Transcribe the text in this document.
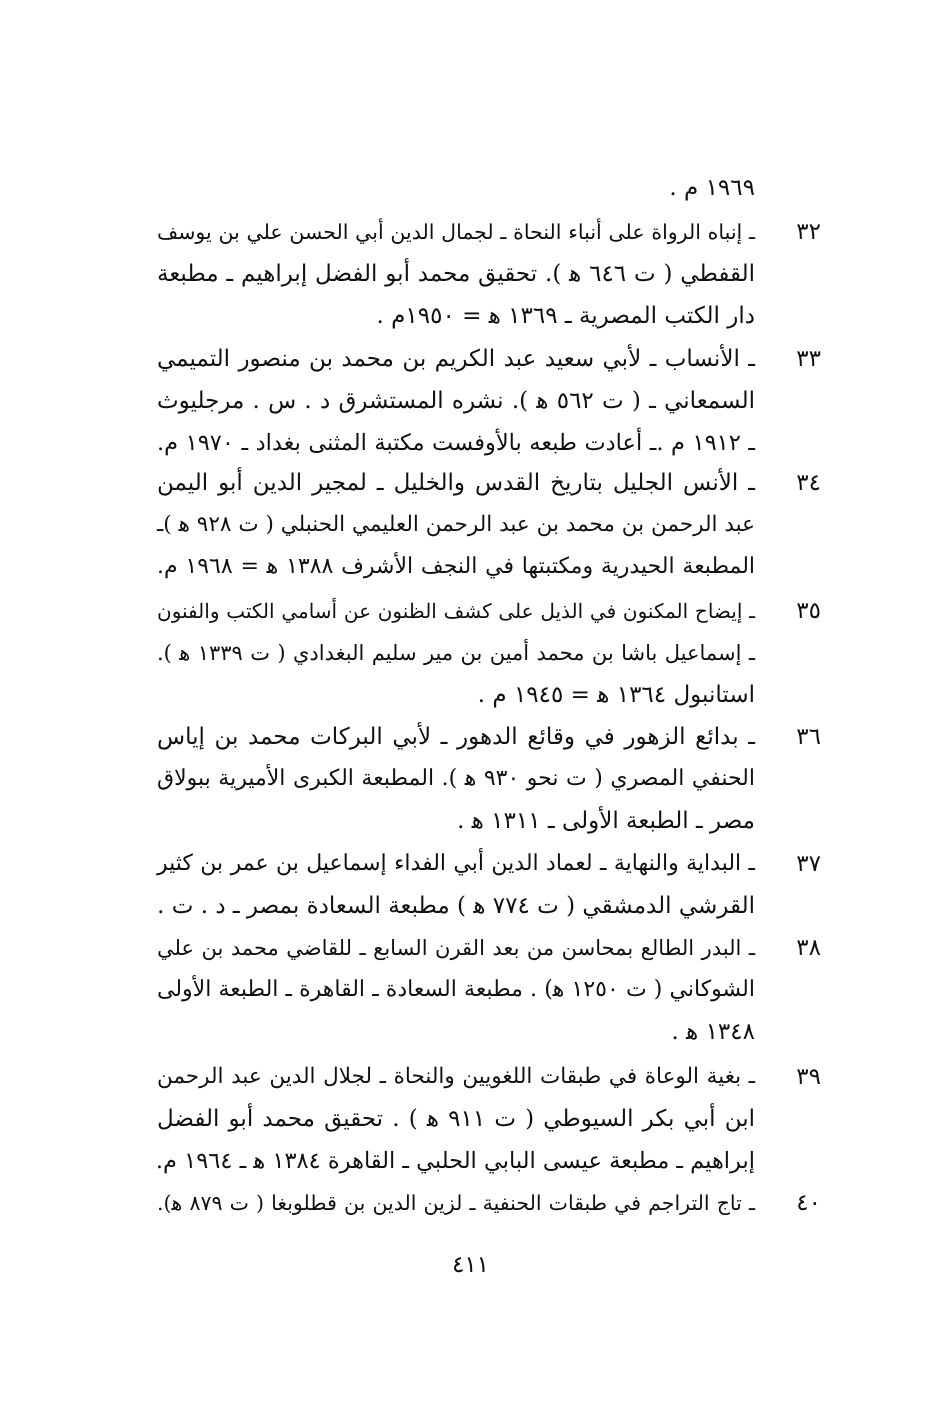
١٩٦٩ م .
٣٢
ـ إنباه الرواة على أنباء النحاة ـ لجمال الدين أبي الحسن علي بن يوسف
القفطي ( ت ٦٤٦ ﻫ ). تحقيق محمد أبو الفضل إبراهيم ـ مطبعة
دار الكتب المصرية ـ ١٣٦٩ ﻫ = ١٩٥٠م .
٣٣
ـ الأنساب ـ لأبي سعيد عبد الكريم بن محمد بن منصور التميمي
السمعاني ـ ( ت ٥٦٢ ﻫ ). نشره المستشرق د . س . مرجليوث
ـ ١٩١٢ م .ـ أعادت طبعه بالأوفست مكتبة المثنى بغداد ـ ١٩٧٠ م.
٣٤
ـ الأنس الجليل بتاريخ القدس والخليل ـ لمجير الدين أبو اليمن
عبد الرحمن بن محمد بن عبد الرحمن العليمي الحنبلي ( ت ٩٢٨ ﻫ )ـ
المطبعة الحيدرية ومكتبتها في النجف الأشرف ١٣٨٨ ﻫ = ١٩٦٨ م.
٣٥
ـ إيضاح المكنون في الذيل على كشف الظنون عن أسامي الكتب والفنون
ـ إسماعيل باشا بن محمد أمين بن مير سليم البغدادي ( ت ١٣٣٩ ﻫ ).
استانبول ١٣٦٤ ﻫ = ١٩٤٥ م .
٣٦
ـ بدائع الزهور في وقائع الدهور ـ لأبي البركات محمد بن إياس
الحنفي المصري ( ت نحو ٩٣٠ ﻫ ). المطبعة الكبرى الأميرية ببولاق
مصر ـ الطبعة الأولى ـ ١٣١١ ﻫ .
٣٧
ـ البداية والنهاية ـ لعماد الدين أبي الفداء إسماعيل بن عمر بن كثير
القرشي الدمشقي ( ت ٧٧٤ ﻫ ) مطبعة السعادة بمصر ـ د . ت .
٣٨
ـ البدر الطالع بمحاسن من بعد القرن السابع ـ للقاضي محمد بن علي
الشوكاني ( ت ١٢٥٠ ﻫ) . مطبعة السعادة ـ القاهرة ـ الطبعة الأولى
١٣٤٨ ﻫ .
٣٩
ـ بغية الوعاة في طبقات اللغويين والنحاة ـ لجلال الدين عبد الرحمن
ابن أبي بكر السيوطي ( ت ٩١١ ﻫ ) . تحقيق محمد أبو الفضل
إبراهيم ـ مطبعة عيسى البابي الحلبي ـ القاهرة ١٣٨٤ ﻫ ـ ١٩٦٤ م.
٤٠
ـ تاج التراجم في طبقات الحنفية ـ لزين الدين بن قطلوبغا ( ت ٨٧٩ ﻫ).
٤١١
